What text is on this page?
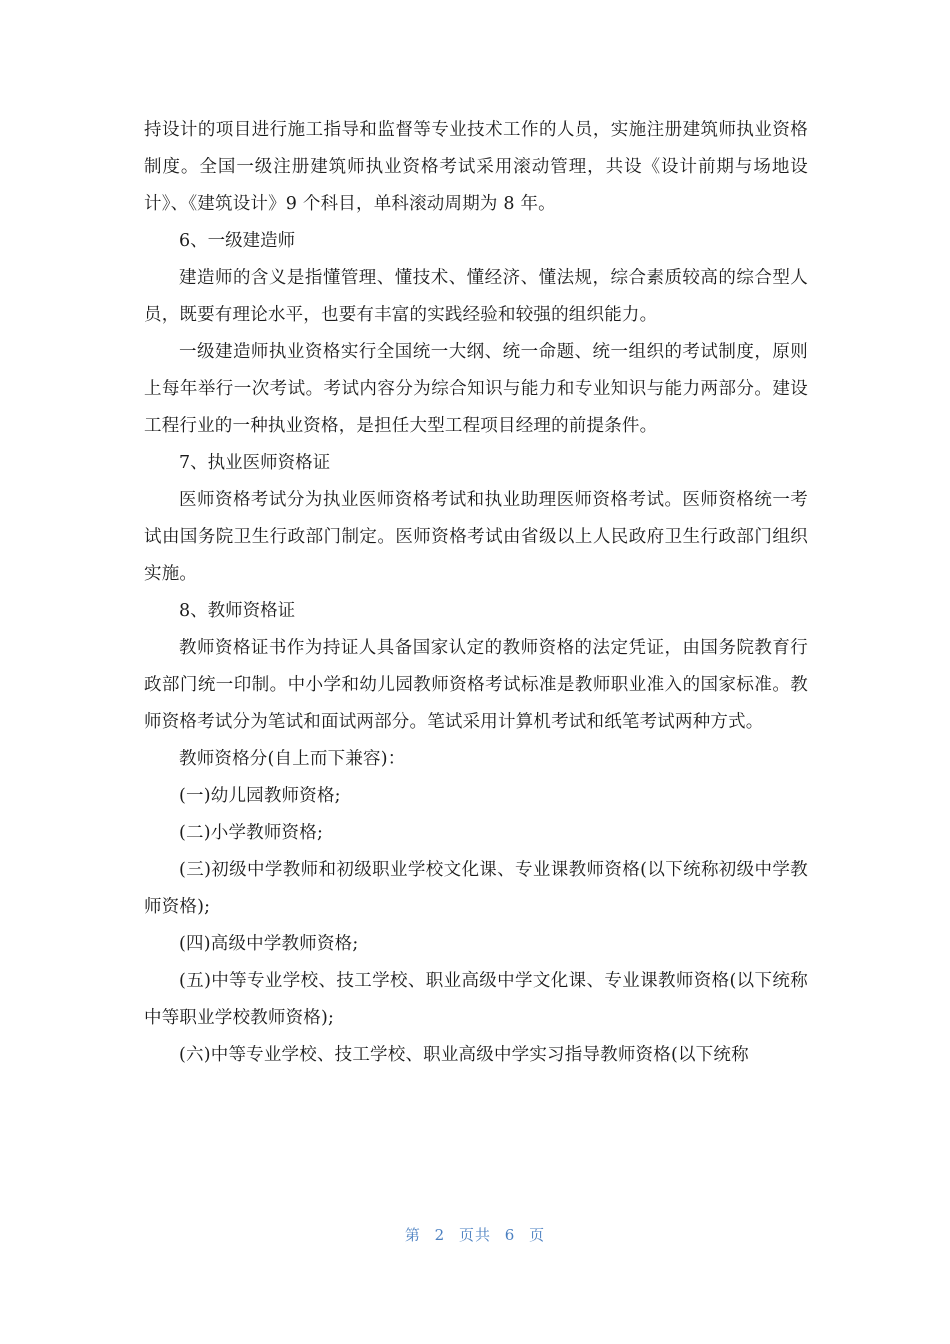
持设计的项目进行施工指导和监督等专业技术工作的人员，实施注册建筑师执业资格制度。全国一级注册建筑师执业资格考试采用滚动管理，共设《设计前期与场地设计》、《建筑设计》9 个科目，单科滚动周期为 8 年。

6、一级建造师

建造师的含义是指懂管理、懂技术、懂经济、懂法规，综合素质较高的综合型人员，既要有理论水平，也要有丰富的实践经验和较强的组织能力。

一级建造师执业资格实行全国统一大纲、统一命题、统一组织的考试制度，原则上每年举行一次考试。考试内容分为综合知识与能力和专业知识与能力两部分。建设工程行业的一种执业资格，是担任大型工程项目经理的前提条件。

7、执业医师资格证

医师资格考试分为执业医师资格考试和执业助理医师资格考试。医师资格统一考试由国务院卫生行政部门制定。医师资格考试由省级以上人民政府卫生行政部门组织实施。

8、教师资格证

教师资格证书作为持证人具备国家认定的教师资格的法定凭证，由国务院教育行政部门统一印制。中小学和幼儿园教师资格考试标准是教师职业准入的国家标准。教师资格考试分为笔试和面试两部分。笔试采用计算机考试和纸笔考试两种方式。

教师资格分(自上而下兼容)：

(一)幼儿园教师资格;

(二)小学教师资格;

(三)初级中学教师和初级职业学校文化课、专业课教师资格(以下统称初级中学教师资格);

(四)高级中学教师资格;

(五)中等专业学校、技工学校、职业高级中学文化课、专业课教师资格(以下统称中等职业学校教师资格);

(六)中等专业学校、技工学校、职业高级中学实习指导教师资格(以下统称

第 2 页共 6 页
